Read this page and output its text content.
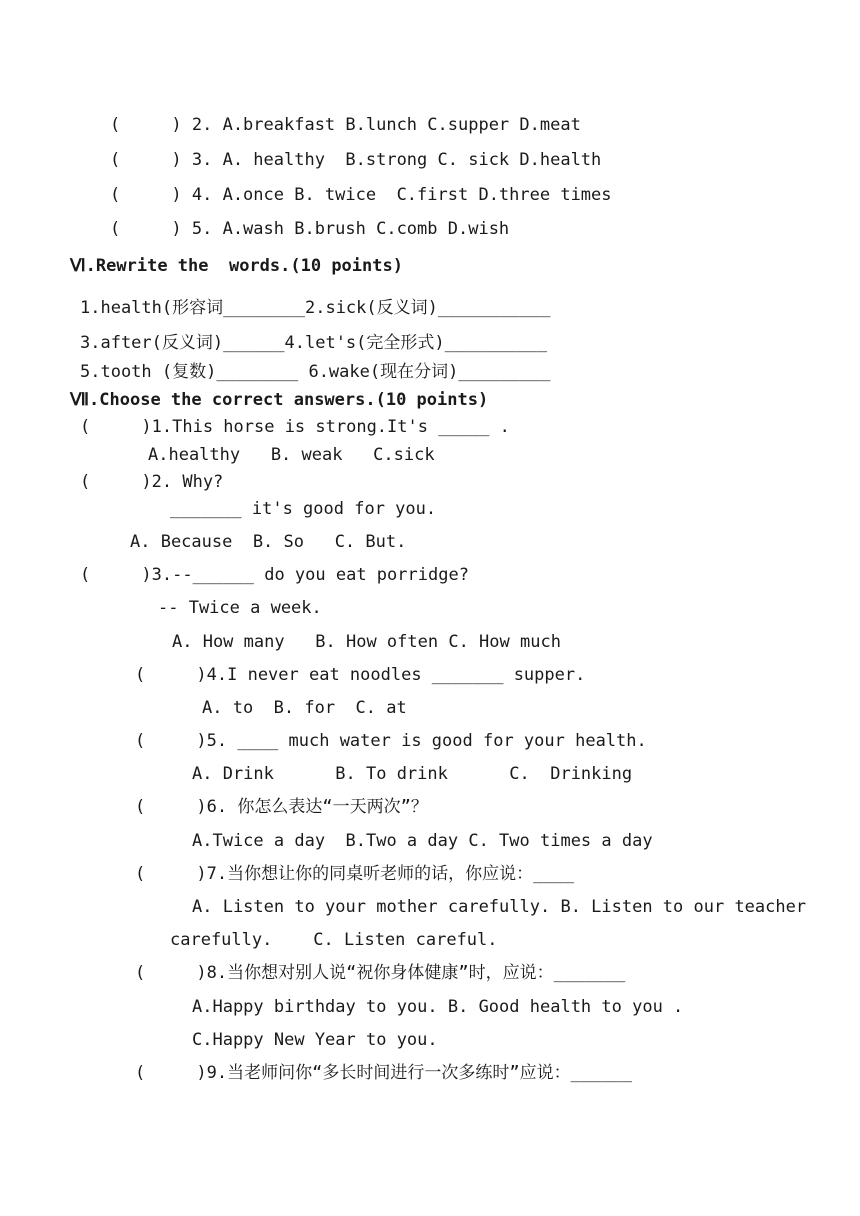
(     ) 2. A.breakfast B.lunch C.supper D.meat
(     ) 3. A. healthy  B.strong C. sick D.health
(     ) 4. A.once B. twice  C.first D.three times
(     ) 5. A.wash B.brush C.comb D.wish
Ⅵ.Rewrite the  words.(10 points)
1.health(形容词________2.sick(反义词)___________
3.after(反义词)______4.let's(完全形式)__________
5.tooth (复数)________ 6.wake(现在分词)_________
Ⅶ.Choose the correct answers.(10 points)
(     )1.This horse is strong.It's _____ .
A.healthy   B. weak   C.sick
(     )2. Why?
_______ it's good for you.
A. Because  B. So   C. But.
(     )3.--______ do you eat porridge?
-- Twice a week.
A. How many   B. How often C. How much
(     )4.I never eat noodles _______ supper.
A. to  B. for  C. at
(     )5. ____ much water is good for your health.
A. Drink      B. To drink      C.  Drinking
(     )6. 你怎么表达“一天两次”？
A.Twice a day  B.Two a day C. Two times a day
(     )7.当你想让你的同桌听老师的话，你应说：____
A. Listen to your mother carefully. B. Listen to our teacher
carefully.    C. Listen careful.
(     )8.当你想对别人说“祝你身体健康”时，应说：_______
A.Happy birthday to you. B. Good health to you .
C.Happy New Year to you.
(     )9.当老师问你“多长时间进行一次多练时”应说：______
